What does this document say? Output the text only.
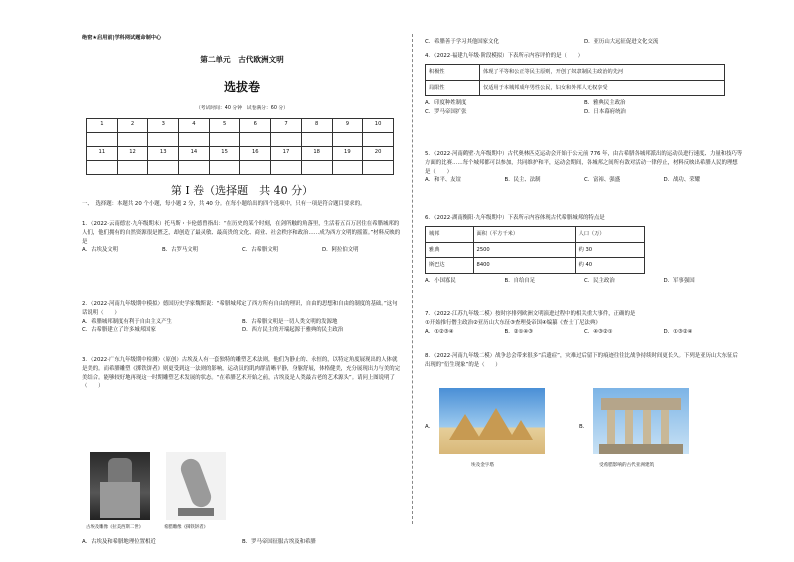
绝密★启用前|学科网试题命制中心
第二单元　古代欧洲文明
选拔卷
（考试时间：40 分钟　试卷满分：60 分）
1	2	3	4	5	6	7	8	9	10

11	12	13	14	15	16	17	18	19	20

第 I 卷（选择题　共 40 分）
一、　选择题：本题共 20 个小题，每小题 2 分，共 40 分。在每小题给出的四个选项中，只有一项是符合题目要求的。
1．（2022·云南德宏·九年级期末）托马斯・卡伦德曾指出：“在历史的某个时刻，在剑所触的角落里，生活着五百万居住在希腊城邦的人们，他们拥有的自然资源很是匮乏，却创造了最灵敏、最高贵的文化、商业、社会秩序和政治……成为西方文明的摇篮。”材料反映的是
A．古埃及文明	B．古罗马文明	C．古希腊文明	D．阿拉伯文明
2．（2022·河南九年级期中模拟）德国历史学家魏斯说：“希腊城邦定了西方所有自由的理识，自由的思想和自由的制度的基础。”这句话说明（　　）
A．希腊城邦制度有利于自由主义产生	B．古希腊文明是一切人类文明的发源地
C．古希腊建立了许多城邦国家	D．西方民主的开端起源于雅典的民主政治
3．（2022·广东九年级期中检测）（原创）古埃及人有一套独特的雕塑艺术法则，他们为静止的、永恒的，以特定角度展现出的人体就是美的。而希腊雕塑《掷铁饼者》则更受到这一法则的影响，运动员的肌肉群清晰平静，身躯舒展，体格健美，充分展现出力与美的完美结合。能够较好地再现这一时期雕塑艺术发展的状态。“在希腊艺术开始之前，古埃及是人类最古老的艺术源头”。请问上图说明了（　　）
古埃及雕像《拉美西斯二世》	希腊雕像《掷铁饼者》
A．古埃及和希腊地理位置相近	B．罗马帝国征服古埃及和希腊
C．希腊善于学习其他国家文化	D．亚历山大远征促进文化交流
4．（2022·福建九年级·阶段模拟）下表所示内容评价的是（　　）
积极性	体现了平等和公正等民主原则，开创了奴隶制民主政治的先河
局限性	仅适用于本城邦成年男性公民，妇女和外邦人无权享受
A．印度种姓制度	B．雅典民主政治
C．罗马帝国扩张	D．日本幕府统治
5．（2022·河南鹤壁·九年级期中）古代奥林匹克运动会开始于公元前 776 年，由古希腊各城邦派出的运动员进行速度、力量和技巧等方面的比赛……每个城邦都可以参加，共同维护和平，运动会期间，各城邦之间所有敌对活动一律停止，材料反映出希腊人民的理想是（　　）
A．和平、友谊	B．民主、法制	C．富裕、强盛	D．战功、荣耀
6．（2022·湖南衡阳·九年级期中）下表所示内容体现古代希腊城邦的特点是
城邦	面积（平方千米）	人口（万）
雅典	2500	约 30
斯巴达	8400	约 40
A．小国寡民	B．自给自足	C．民主政治	D．军事强国
7．（2022·江苏九年级二模）按时序排列欧洲文明演进过程中的相关重大事件，正确的是
①开始推行僭主政治②亚历山大东征③查理曼帝国④编纂《查士丁尼法典》
A．①②③④	B．②①④③	C．④③②①	D．①③②④
8．（2022·河南九年级二模）战争总会带来很多“后遗症”，灾难过后留下的痕迹往往比战争持续时间更长久。下列是亚历山大东征后出现的“衍生现象”的是（　　）
A．
埃及金字塔
B．
受希腊影响的古代亚洲建筑
